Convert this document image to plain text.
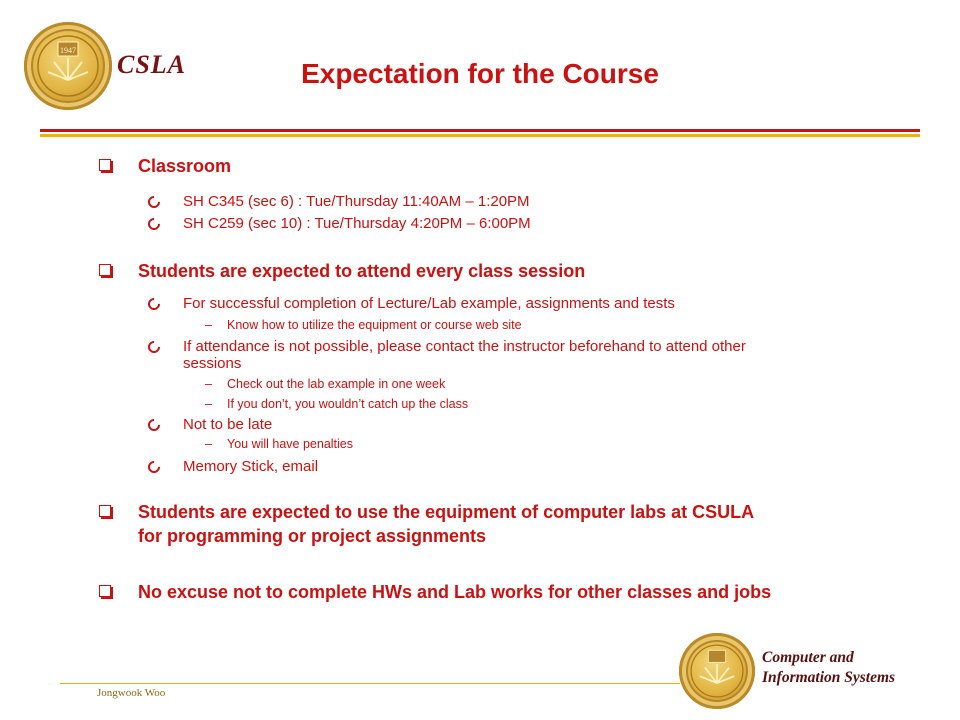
1947 CSLA	Expectation for the Course
Classroom
SH C345 (sec 6) : Tue/Thursday 11:40AM – 1:20PM
SH C259 (sec 10) : Tue/Thursday 4:20PM – 6:00PM
Students are expected to attend every class session
For successful completion of Lecture/Lab example, assignments and tests
– Know how to utilize the equipment or course web site
If attendance is not possible, please contact the instructor beforehand to attend other
sessions
– Check out the lab example in one week
– If you don’t, you wouldn’t catch up the class
Not to be late
– You will have penalties
Memory Stick, email
Students are expected to use the equipment of computer labs at CSULA
for programming or project assignments
No excuse not to complete HWs and Lab works for other classes and jobs
Jongwook Woo
Computer and
Information Systems
